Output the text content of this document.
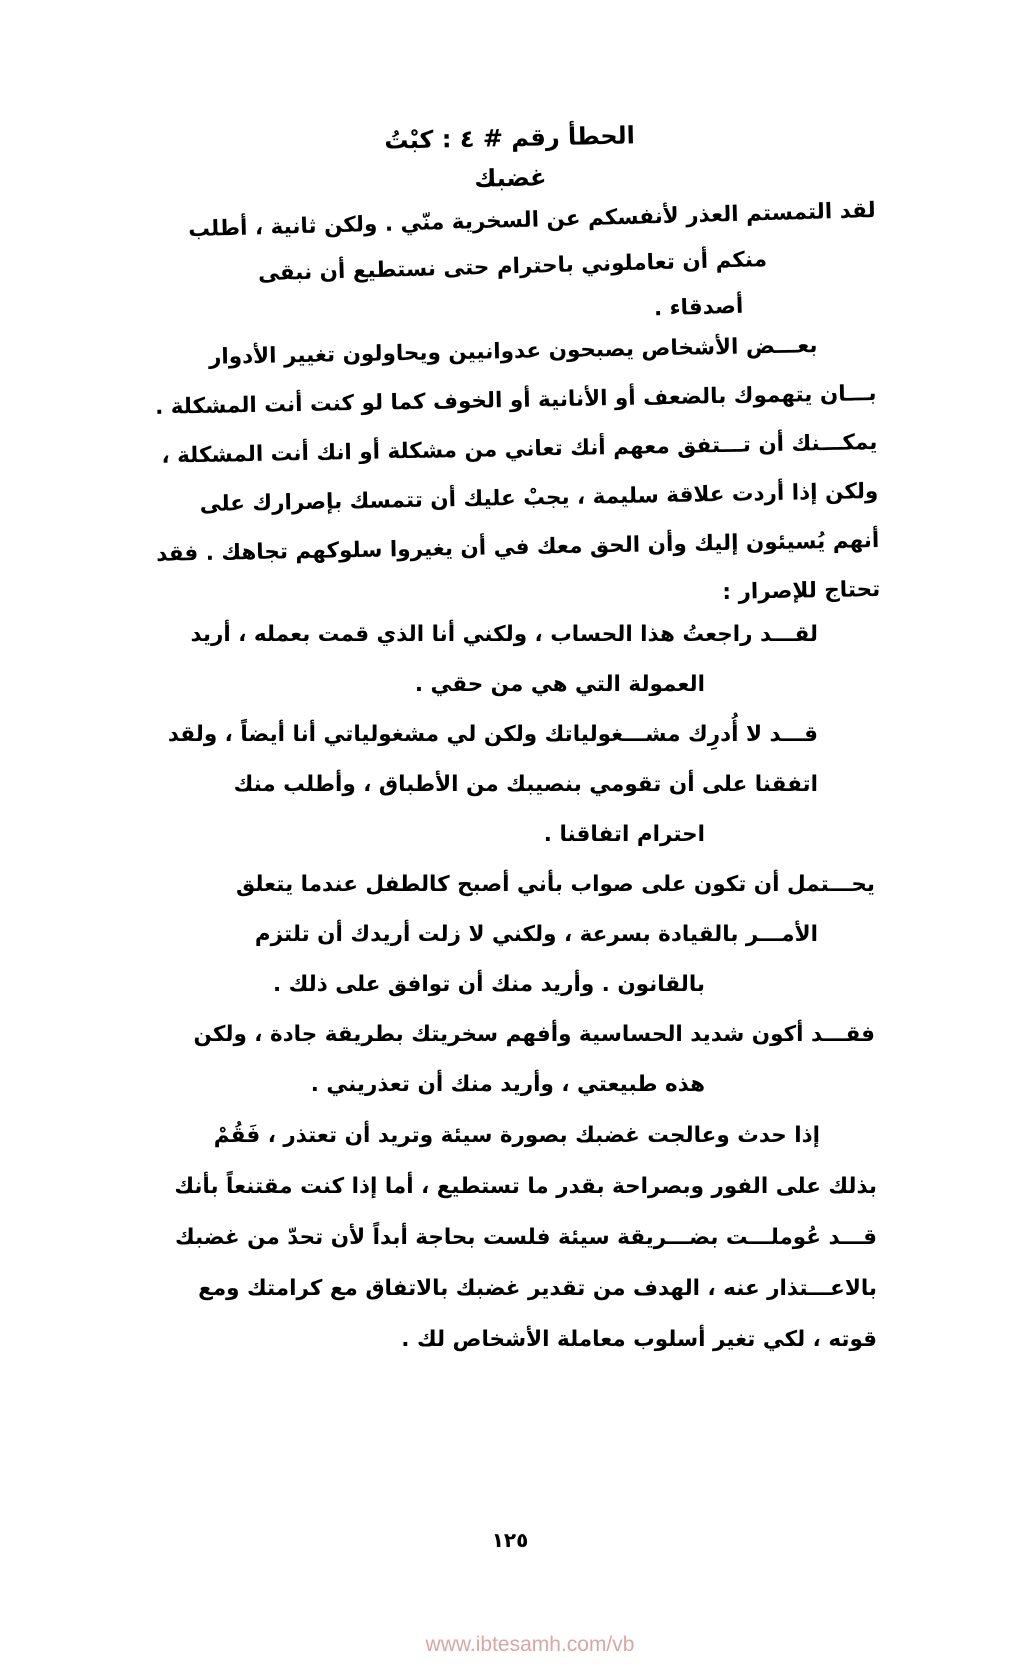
الحطأ رقم # ٤ : كبْتُ
غضبك
لقد التمستم العذر لأنفسكم عن السخرية منّي . ولكن ثانية ، أطلب
منكم أن تعاملوني باحترام حتى نستطيع أن نبقى
أصدقاء .
بعـــض الأشخاص يصبحون عدوانيين ويحاولون تغيير الأدوار
بـــان يتهموك بالضعف أو الأنانية أو الخوف كما لو كنت أنت المشكلة .
يمكـــنك أن تـــتفق معهم أنك تعاني من مشكلة أو انك أنت المشكلة ،
ولكن إذا أردت علاقة سليمة ، يجبْ عليك أن تتمسك بإصرارك على
أنهم يُسيئون إليك وأن الحق معك في أن يغيروا سلوكهم تجاهك . فقد
تحتاج للإصرار :
لقـــد راجعتُ هذا الحساب ، ولكني أنا الذي قمت بعمله ، أريد
العمولة التي هي من حقي .
قـــد لا أُدرِك مشـــغولياتك ولكن لي مشغولياتي أنا أيضاً ، ولقد
اتفقنا على أن تقومي بنصيبك من الأطباق ، وأطلب منك
احترام اتفاقنا .
يحـــتمل أن تكون على صواب بأني أصبح كالطفل عندما يتعلق
الأمـــر بالقيادة بسرعة ، ولكني لا زلت أريدك أن تلتزم
بالقانون . وأريد منك أن توافق على ذلك .
فقـــد أكون شديد الحساسية وأفهم سخريتك بطريقة جادة ، ولكن
هذه طبيعتي ، وأريد منك أن تعذريني .
إذا حدث وعالجت غضبك بصورة سيئة وتريد أن تعتذر ، فَقُمْ
بذلك على الفور وبصراحة بقدر ما تستطيع ، أما إذا كنت مقتنعاً بأنك
قـــد عُوملـــت بضـــريقة سيئة فلست بحاجة أبداً لأن تحدّ من غضبك
بالاعـــتذار عنه ، الهدف من تقدير غضبك بالاتفاق مع كرامتك ومع
قوته ، لكي تغير أسلوب معاملة الأشخاص لك .
١٢٥
www.ibtesamh.com/vb
